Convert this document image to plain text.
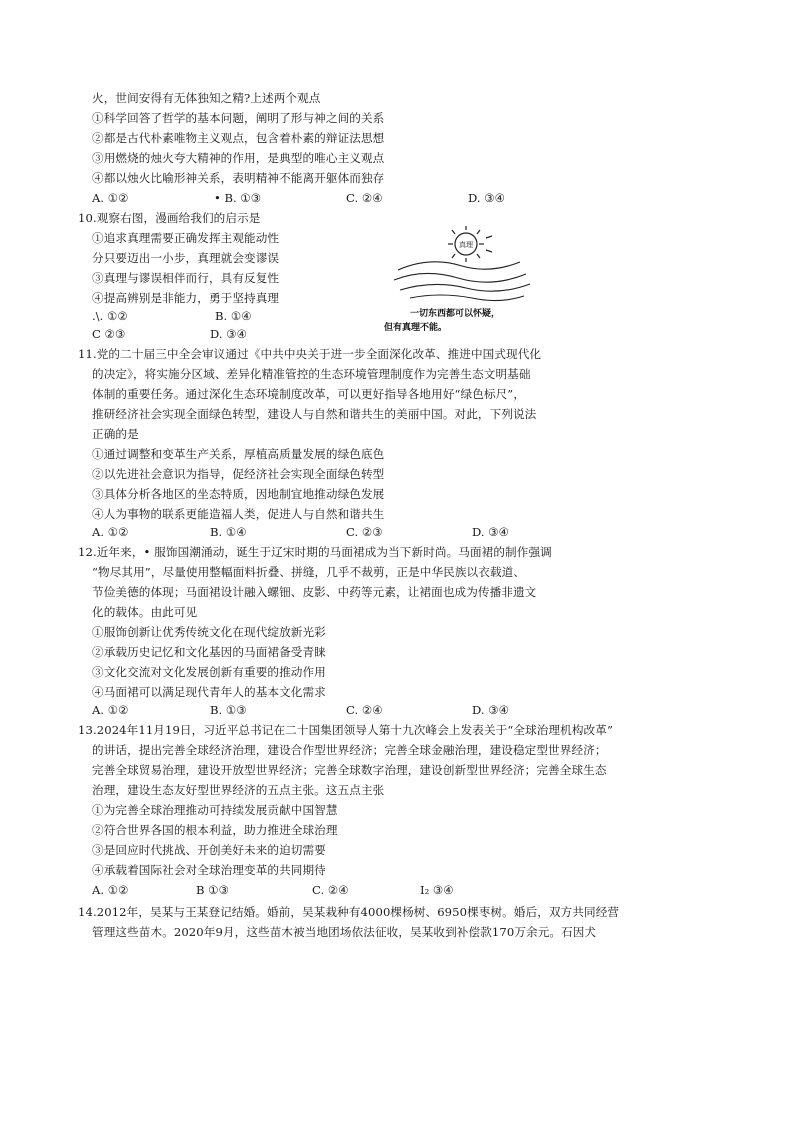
火，世间安得有无体独知之精?上述两个观点
①科学回答了哲学的基本问题，阐明了形与神之间的关系
②都是古代朴素唯物主义观点，包含着朴素的辩证法思想
③用燃烧的烛火夸大精神的作用，是典型的唯心主义观点
④都以烛火比喻形神关系，表明精神不能离开躯体而独存
A. ①②	• B. ①③	C. ②④	D. ③④
10.观察右图，漫画给我们的启示是
①追求真理需要正确发挥主观能动性
分只要迈出一小步，真理就会变谬误
③真理与谬误相伴而行，具有反复性
④提高辨别是非能力，勇于坚持真理
.\. ①②	B. ①④
C ②③	D. ③④
真理
一切东西都可以怀疑，
但有真理不能。
11.党的二十届三中全会审议通过《中共中央关于进一步全面深化改革、推进中国式现代化
的决定》，将实施分区域、差异化精准管控的生态环境管理制度作为完善生态文明基础
体制的重要任务。通过深化生态环境制度改革，可以更好指导各地用好“绿色标尺”，
推研经济社会实现全面绿色转型，建设人与自然和谐共生的美丽中国。对此，下列说法
正确的是
①通过调整和变革生产关系，厚植高质量发展的绿色底色
②以先进社会意识为指导，促经济社会实现全面绿色转型
③具体分析各地区的坐态特质，因地制宜地推动绿色发展
④人为事物的联系更能造福人类，促进人与自然和谐共生
A. ①②	B. ①④	C. ②③	D. ③④
12.近年来，• 服饰国潮涌动，诞生于辽宋时期的马面裙成为当下新时尚。马面裙的制作强调
“物尽其用”，尽量使用整幅面料折叠、拼缝，几乎不裁剪，正是中华民族以衣载道、
节俭美德的体现；马面裙设计融入螺钿、皮影、中药等元素，让裙面也成为传播非遗文
化的载体。由此可见
①服饰创新让优秀传统文化在现代绽放新光彩
②承载历史记忆和文化基因的马面裙备受青睐
③文化交流对文化发展创新有重要的推动作用
④马面裙可以满足现代青年人的基本文化需求
A. ①②	B. ①③	C. ②④	D. ③④
13.2024年11月19日，习近平总书记在二十国集团领导人第十九次峰会上发表关于“全球治理机构改革”
的讲话，提出完善全球经济治理，建设合作型世界经济；完善全球金融治理，建设稳定型世界经济；
完善全球贸易治理，建设开放型世界经济；完善全球数字治理，建设创新型世界经济；完善全球生态
治理，建设生态友好型世界经济的五点主张。这五点主张
①为完善全球治理推动可持续发展贡献中国智慧
②符合世界各国的根本利益，助力推进全球治理
③是回应时代挑战、开创美好未来的迫切需要
④承载着国际社会对全球治理变革的共同期待
A. ①②	B ①③	C. ②④	I₂ ③④
14.2012年，吴某与王某登记结婚。婚前，吴某栽种有4000棵杨树、6950棵枣树。婚后，双方共同经营
管理这些苗木。2020年9月，这些苗木被当地团场依法征收，吴某收到补偿款170万余元。石因犬
